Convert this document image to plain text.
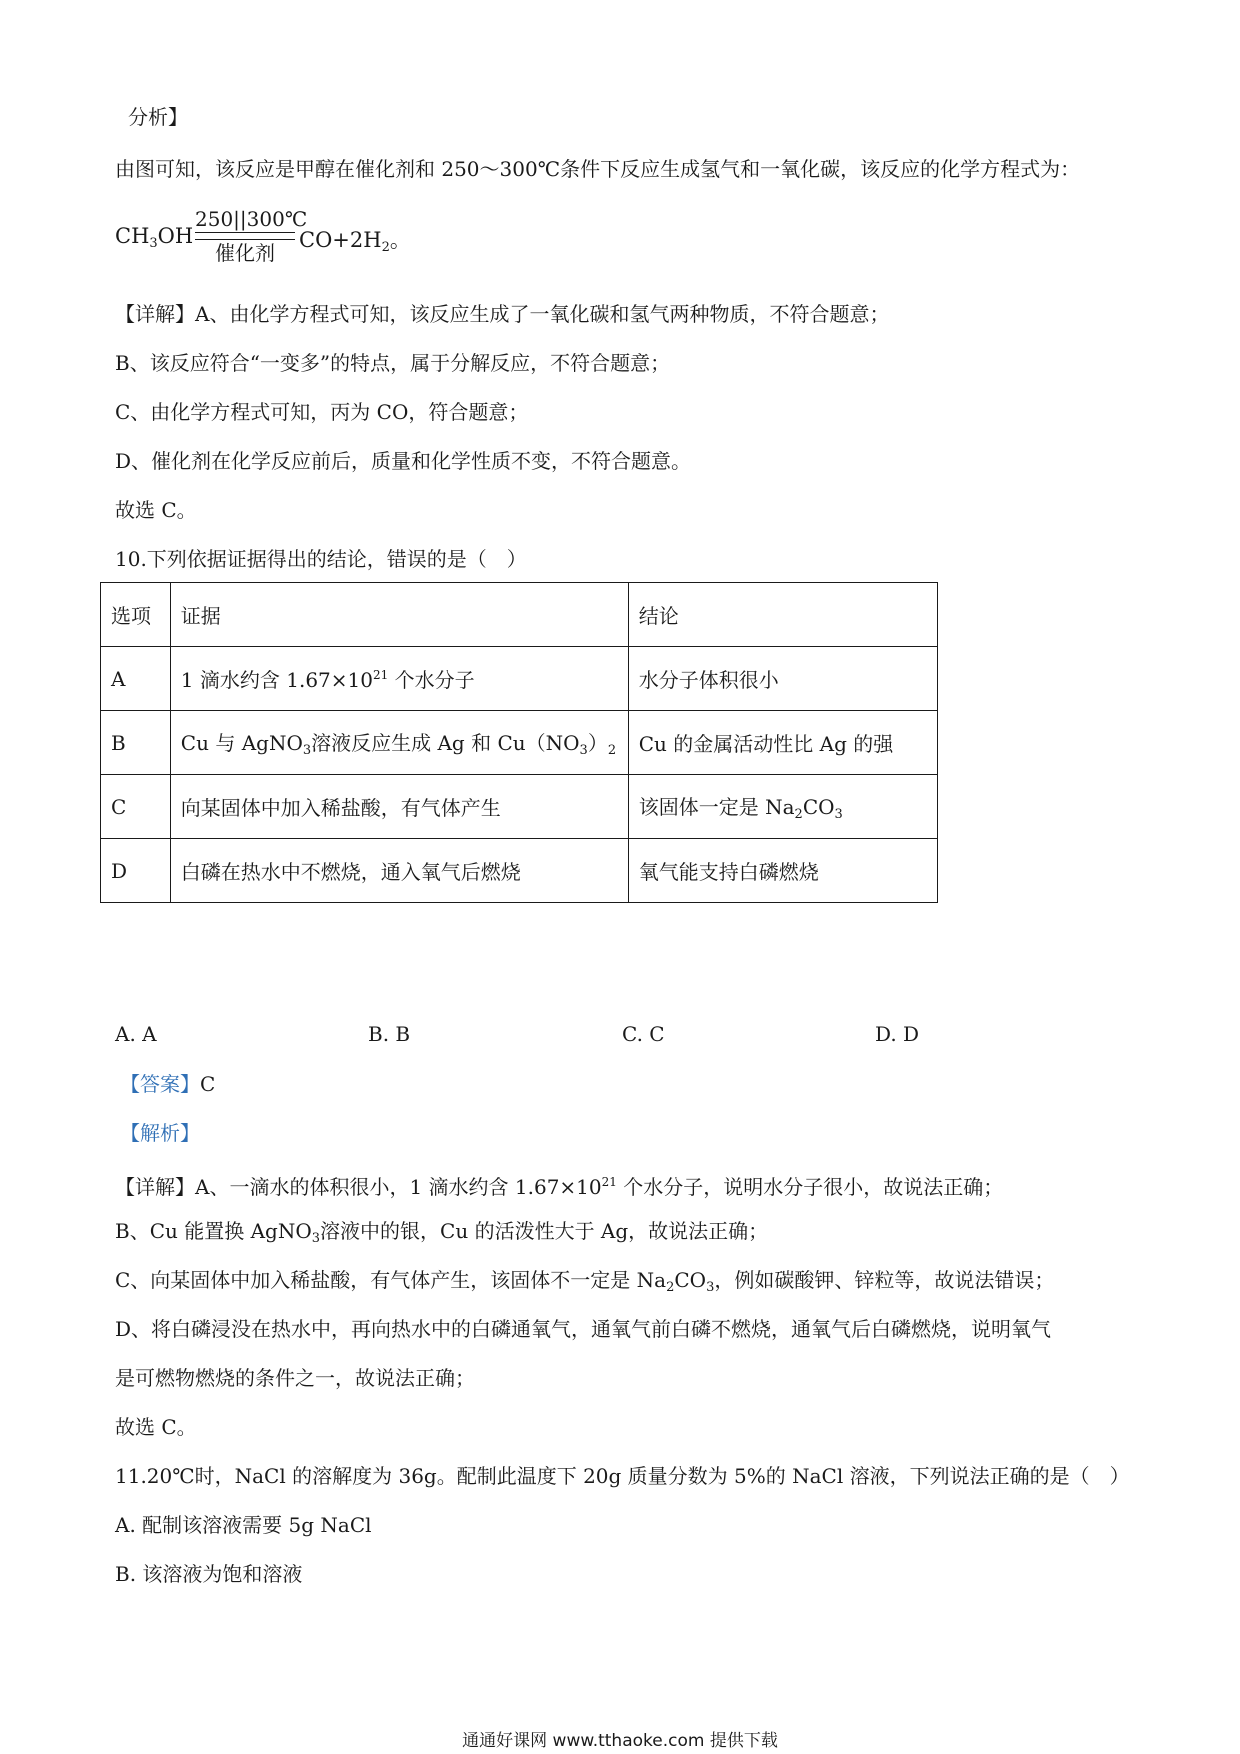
分析】
由图可知，该反应是甲醇在催化剂和 250～300℃条件下反应生成氢气和一氧化碳，该反应的化学方程式为：
$CH_3OH$
250||300℃
催化剂
$CO+2H_2$。
【详解】A、由化学方程式可知，该反应生成了一氧化碳和氢气两种物质，不符合题意；
B、该反应符合“一变多”的特点，属于分解反应，不符合题意；
C、由化学方程式可知，丙为 CO，符合题意；
D、催化剂在化学反应前后，质量和化学性质不变，不符合题意。
故选 C。
10.下列依据证据得出的结论，错误的是（　）
选项	证据	结论
A	1 滴水约含 $1.67\times 10^{21}$ 个水分子	水分子体积很小
B	Cu 与 AgNO$_3$溶液反应生成 Ag 和 $Cu(NO_3)_2$	Cu 的金属活动性比 Ag 的强
C	向某固体中加入稀盐酸，有气体产生	该固体一定是 $Na_2CO_3$
D	白磷在热水中不燃烧，通入氧气后燃烧	氧气能支持白磷燃烧
A. A	B. B	C. C	D. D
【答案】C
【解析】
【详解】A、一滴水的体积很小，1 滴水约含 $1.67\times 10^{21}$ 个水分子，说明水分子很小，故说法正确；
B、Cu 能置换 AgNO$_3$溶液中的银，Cu 的活泼性大于 Ag，故说法正确；
C、向某固体中加入稀盐酸，有气体产生，该固体不一定是 $Na_2CO_3$，例如碳酸钾、锌粒等，故说法错误；
D、将白磷浸没在热水中，再向热水中的白磷通氧气，通氧气前白磷不燃烧，通氧气后白磷燃烧，说明氧气
是可燃物燃烧的条件之一，故说法正确；
故选 C。
11.20℃时，NaCl 的溶解度为 36g。配制此温度下 20g 质量分数为 5%的 NaCl 溶液，下列说法正确的是（　）
A. 配制该溶液需要 5g NaCl
B. 该溶液为饱和溶液
通通好课网 www.tthaoke.com 提供下载
